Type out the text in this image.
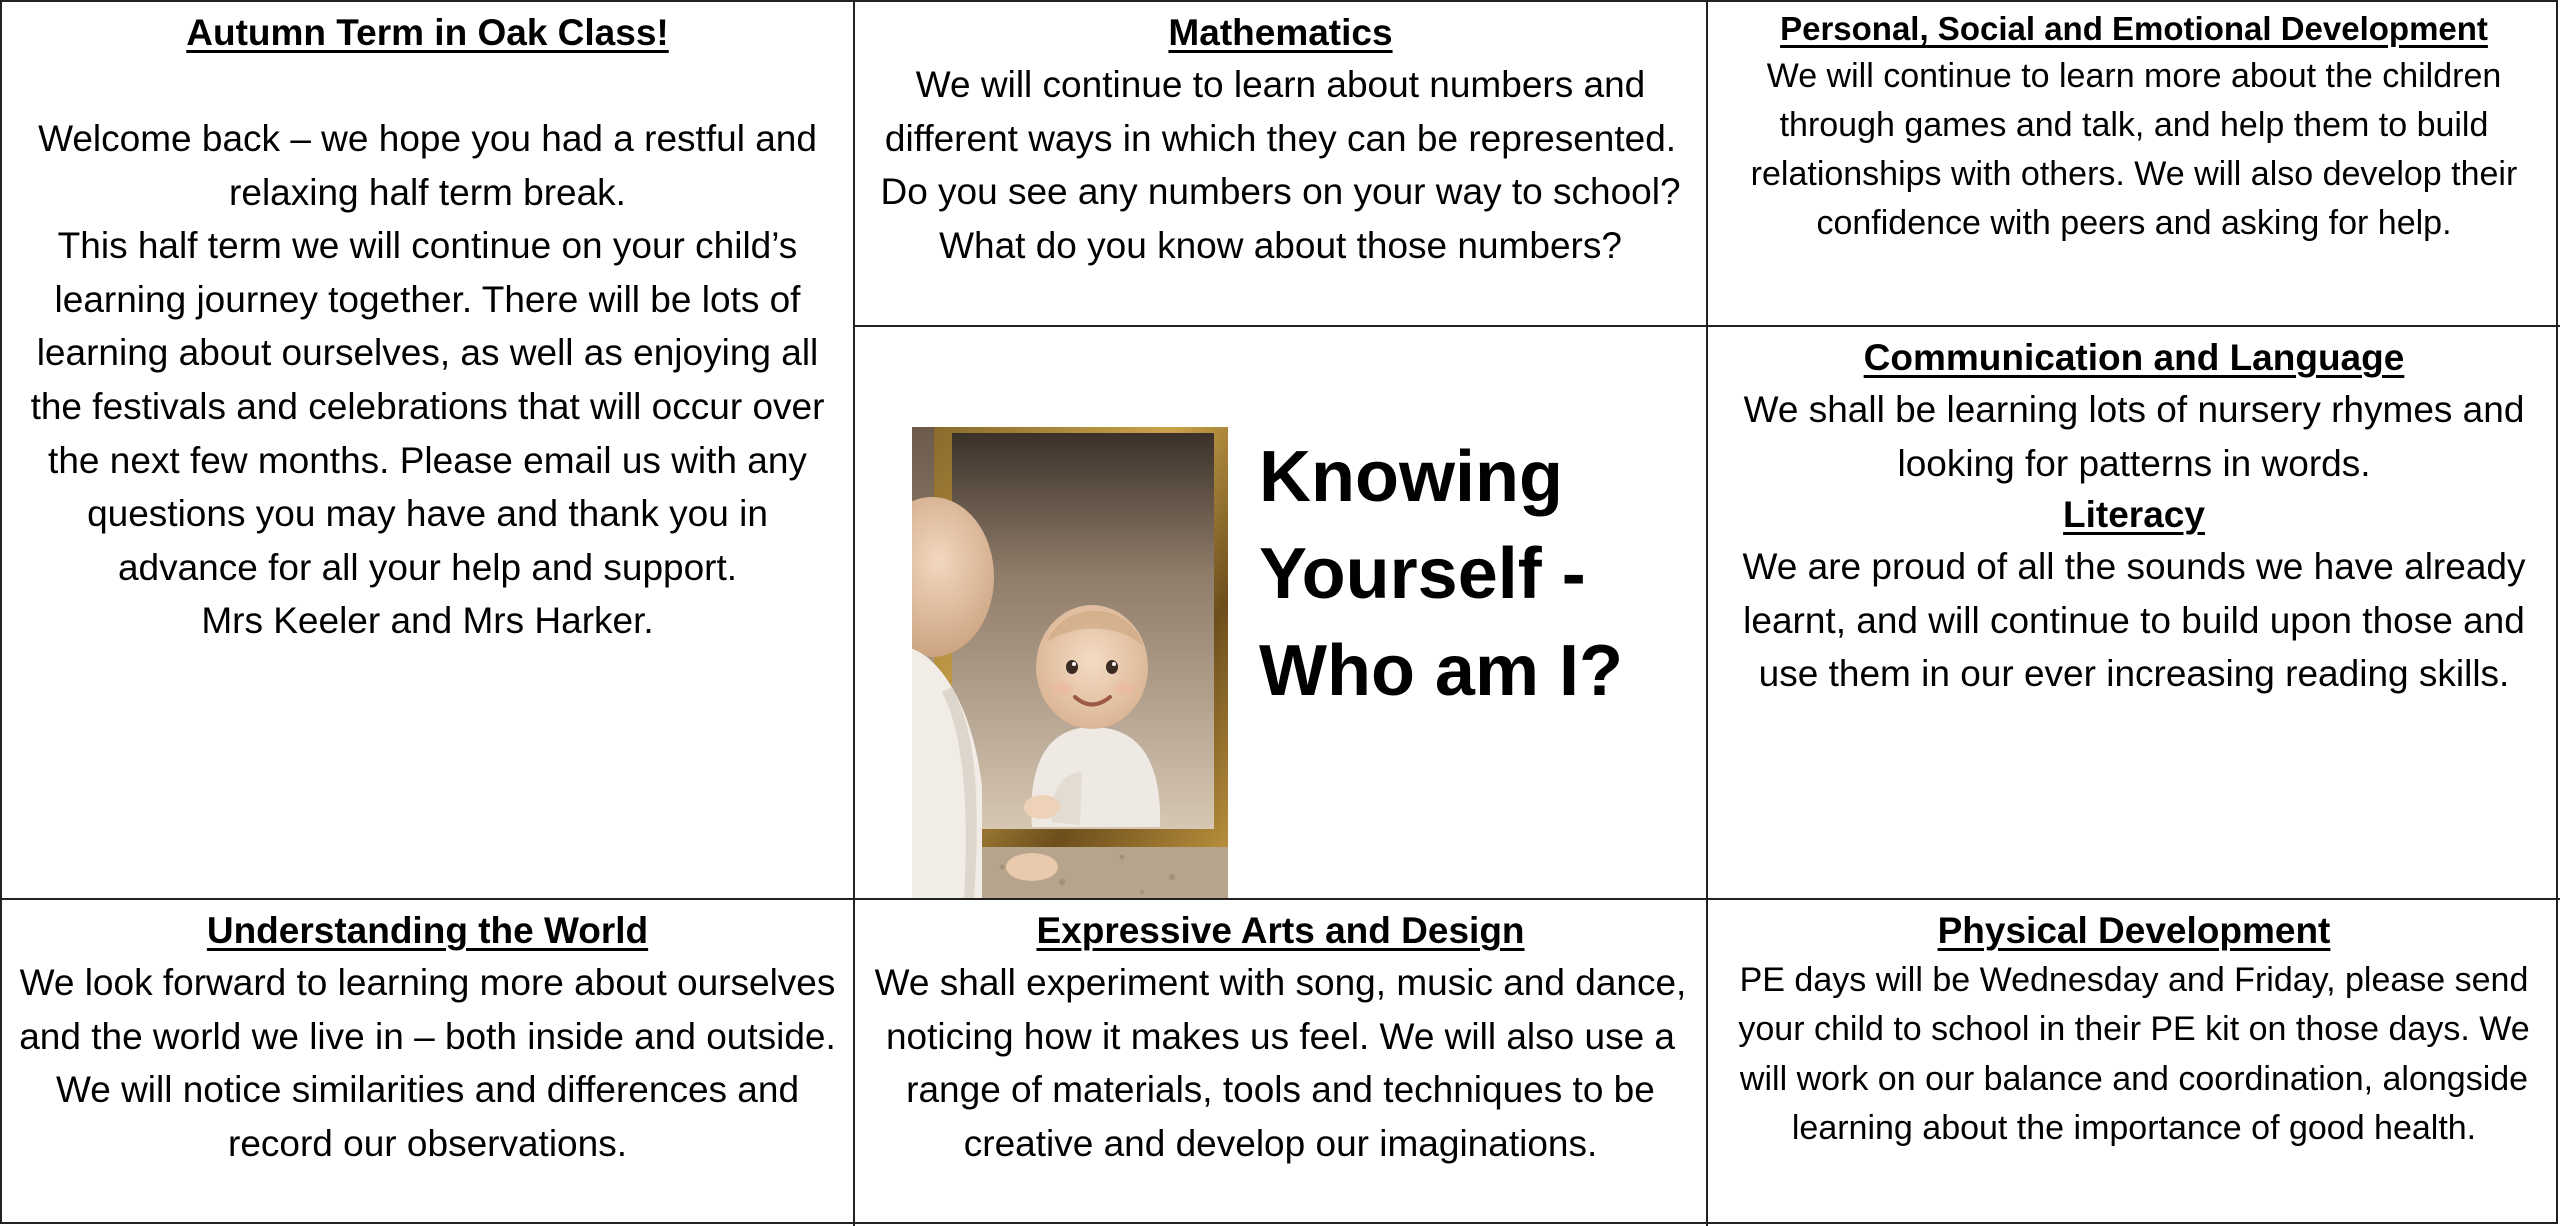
Autumn Term in Oak Class!

Welcome back – we hope you had a restful and relaxing half term break.

This half term we will continue on your child’s learning journey together. There will be lots of learning about ourselves, as well as enjoying all the festivals and celebrations that will occur over the next few months. Please email us with any questions you may have and thank you in advance for all your help and support.

Mrs Keeler and Mrs Harker.

Mathematics

We will continue to learn about numbers and different ways in which they can be represented. Do you see any numbers on your way to school? What do you know about those numbers?

Personal, Social and Emotional Development

We will continue to learn more about the children through games and talk, and help them to build relationships with others. We will also develop their confidence with peers and asking for help.

Knowing
Yourself -
Who am I?

Communication and Language

We shall be learning lots of nursery rhymes and looking for patterns in words.

Literacy

We are proud of all the sounds we have already learnt, and will continue to build upon those and use them in our ever increasing reading skills.

Understanding the World

We look forward to learning more about ourselves and the world we live in – both inside and outside. We will notice similarities and differences and record our observations.

Expressive Arts and Design

We shall experiment with song, music and dance, noticing how it makes us feel. We will also use a range of materials, tools and techniques to be creative and develop our imaginations.

Physical Development

PE days will be Wednesday and Friday, please send your child to school in their PE kit on those days. We will work on our balance and coordination, alongside learning about the importance of good health.
